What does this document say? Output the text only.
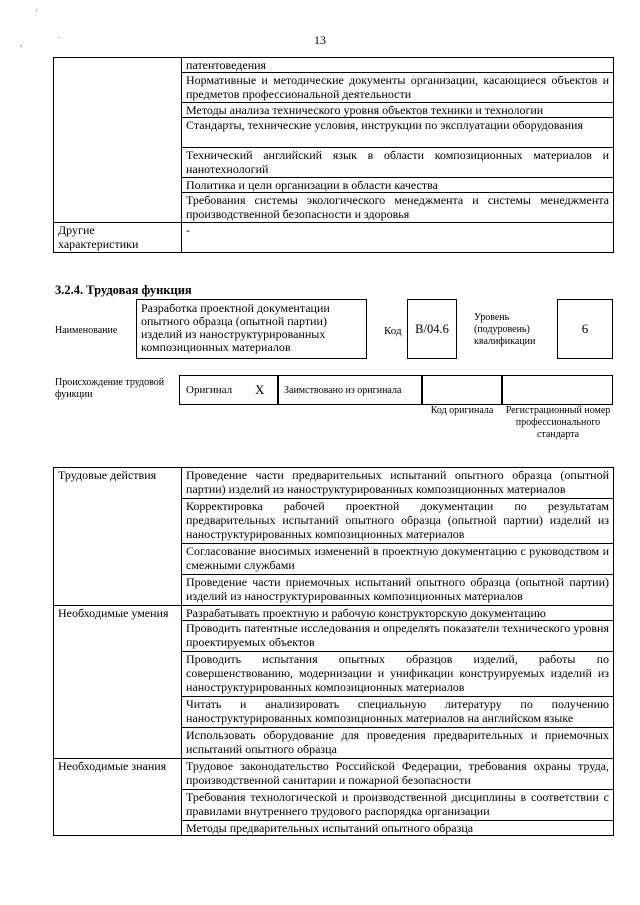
'
,
.	13
	патентоведения
	Нормативные и методические документы организации, касающиеся объектов и предметов профессиональной деятельности
	Методы анализа технического уровня объектов техники и технологии
	Стандарты, технические условия, инструкции по эксплуатации оборудования
	Технический английский язык в области композиционных материалов и нанотехнологий
	Политика и цели организации в области качества
	Требования системы экологического менеджмента и системы менеджмента производственной безопасности и здоровья
Другие характеристики	-
3.2.4. Трудовая функция
Наименование
Разработка проектной документации опытного образца (опытной партии) изделий из наноструктурированных композиционных материалов
Код B/04.6
Уровень (подуровень) квалификации
6
Происхождение трудовой функции	Оригинал X Заимствовано из оригинала
Код оригинала	Регистрационный номер профессионального стандарта
Трудовые действия	Проведение части предварительных испытаний опытного образца (опытной партии) изделий из наноструктурированных композиционных материалов
	Корректировка рабочей проектной документации по результатам предварительных испытаний опытного образца (опытной партии) изделий из наноструктурированных композиционных материалов
	Согласование вносимых изменений в проектную документацию с руководством и смежными службами
	Проведение части приемочных испытаний опытного образца (опытной партии) изделий из наноструктурированных композиционных материалов
Необходимые умения	Разрабатывать проектную и рабочую конструкторскую документацию
	Проводить патентные исследования и определять показатели технического уровня проектируемых объектов
	Проводить испытания опытных образцов изделий, работы по совершенствованию, модернизации и унификации конструируемых изделий из наноструктурированных композиционных материалов
	Читать и анализировать специальную литературу по получению наноструктурированных композиционных материалов на английском языке
	Использовать оборудование для проведения предварительных и приемочных испытаний опытного образца
Необходимые знания	Трудовое законодательство Российской Федерации, требования охраны труда, производственной санитарии и пожарной безопасности
	Требования технологической и производственной дисциплины в соответствии с правилами внутреннего трудового распорядка организации
	Методы предварительных испытаний опытного образца
